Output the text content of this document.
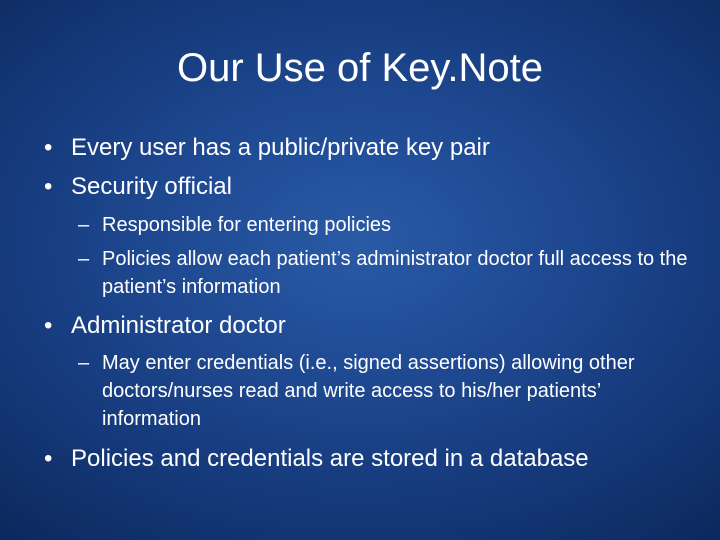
Our Use of Key.Note
• Every user has a public/private key pair
• Security official
– Responsible for entering policies
– Policies allow each patient’s administrator doctor full access to the patient’s information
• Administrator doctor
– May enter credentials (i.e., signed assertions) allowing other doctors/nurses read and write access to his/her patients’ information
• Policies and credentials are stored in a database
